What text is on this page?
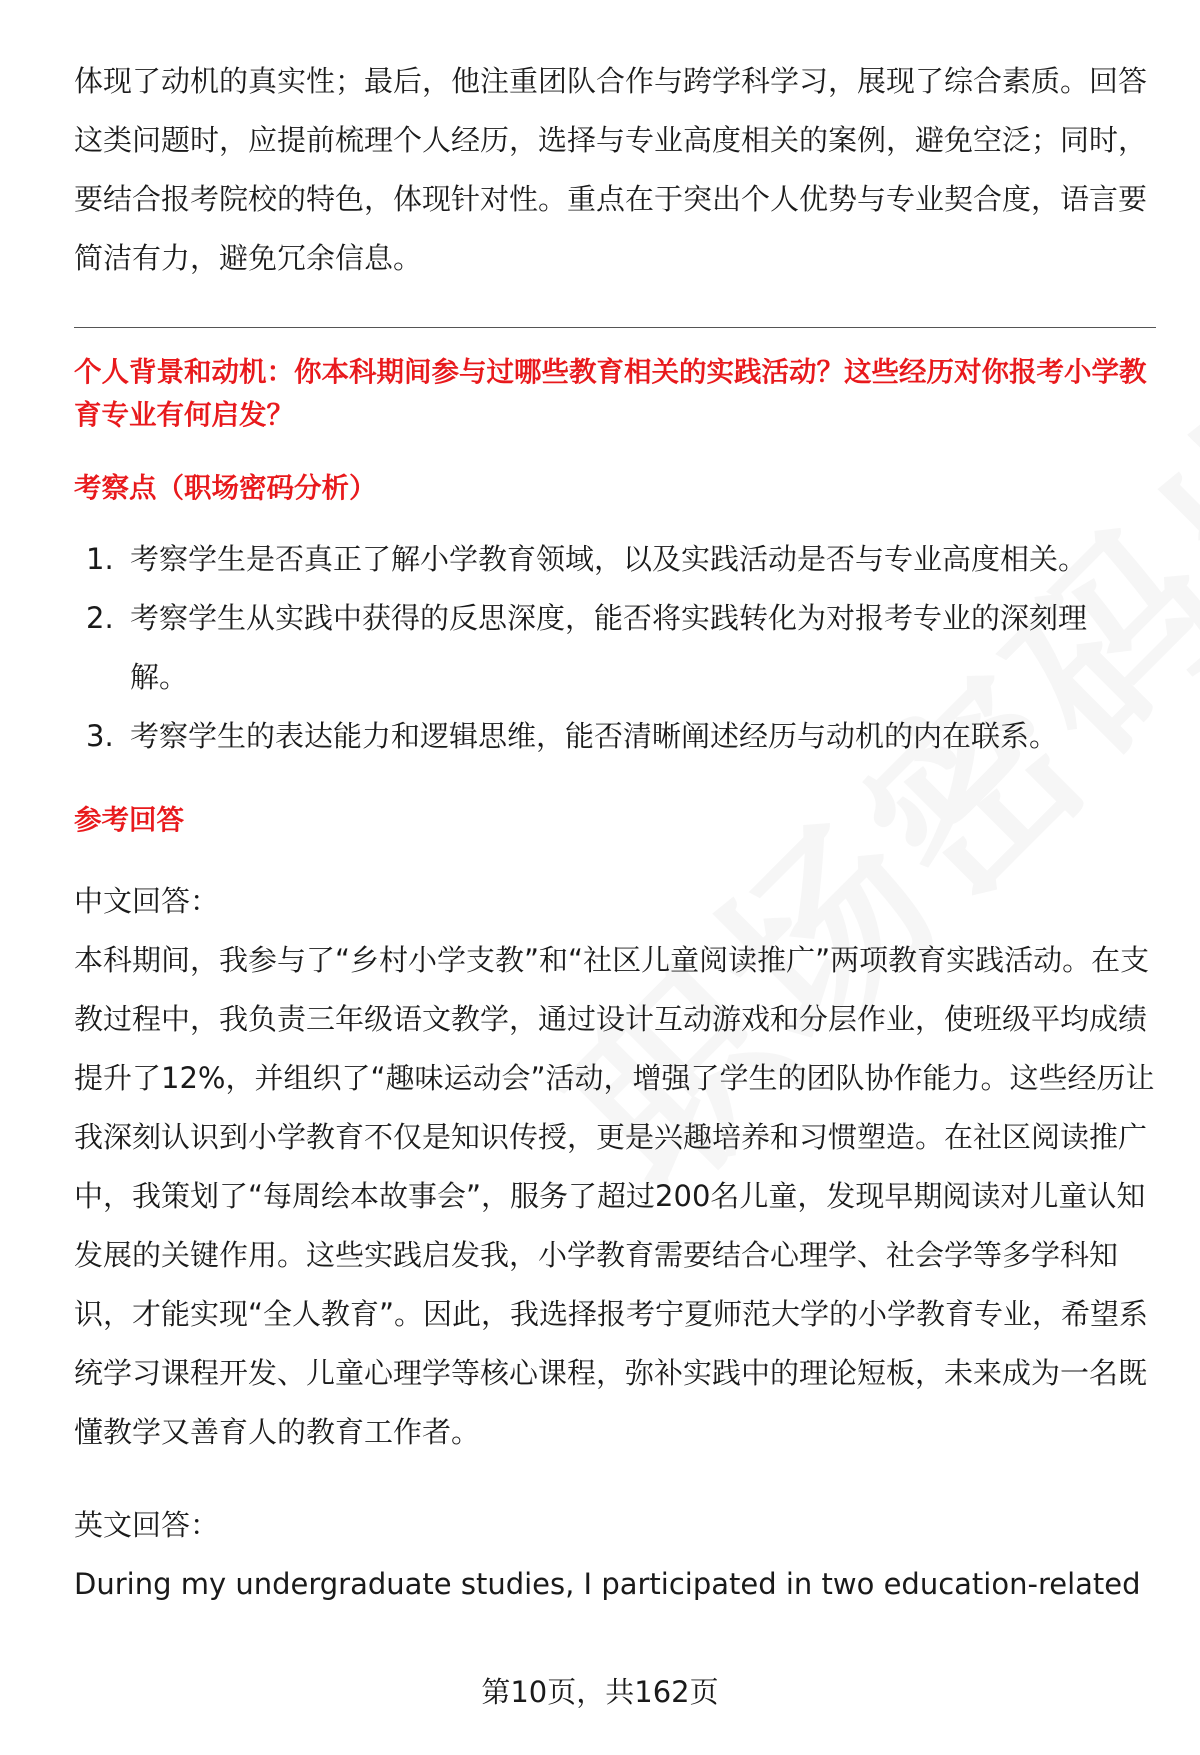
体现了动机的真实性；最后，他注重团队合作与跨学科学习，展现了综合素质。回答这类问题时，应提前梳理个人经历，选择与专业高度相关的案例，避免空泛；同时，要结合报考院校的特色，体现针对性。重点在于突出个人优势与专业契合度，语言要简洁有力，避免冗余信息。

个人背景和动机：你本科期间参与过哪些教育相关的实践活动？这些经历对你报考小学教育专业有何启发？

考察点（职场密码分析）

1. 考察学生是否真正了解小学教育领域，以及实践活动是否与专业高度相关。
2. 考察学生从实践中获得的反思深度，能否将实践转化为对报考专业的深刻理解。
3. 考察学生的表达能力和逻辑思维，能否清晰阐述经历与动机的内在联系。

参考回答

中文回答：

本科期间，我参与了“乡村小学支教”和“社区儿童阅读推广”两项教育实践活动。在支教过程中，我负责三年级语文教学，通过设计互动游戏和分层作业，使班级平均成绩提升了12%，并组织了“趣味运动会”活动，增强了学生的团队协作能力。这些经历让我深刻认识到小学教育不仅是知识传授，更是兴趣培养和习惯塑造。在社区阅读推广中，我策划了“每周绘本故事会”，服务了超过200名儿童，发现早期阅读对儿童认知发展的关键作用。这些实践启发我，小学教育需要结合心理学、社会学等多学科知识，才能实现“全人教育”。因此，我选择报考宁夏师范大学的小学教育专业，希望系统学习课程开发、儿童心理学等核心课程，弥补实践中的理论短板，未来成为一名既懂教学又善育人的教育工作者。

英文回答：

During my undergraduate studies, I participated in two education-related

第10页，共162页
